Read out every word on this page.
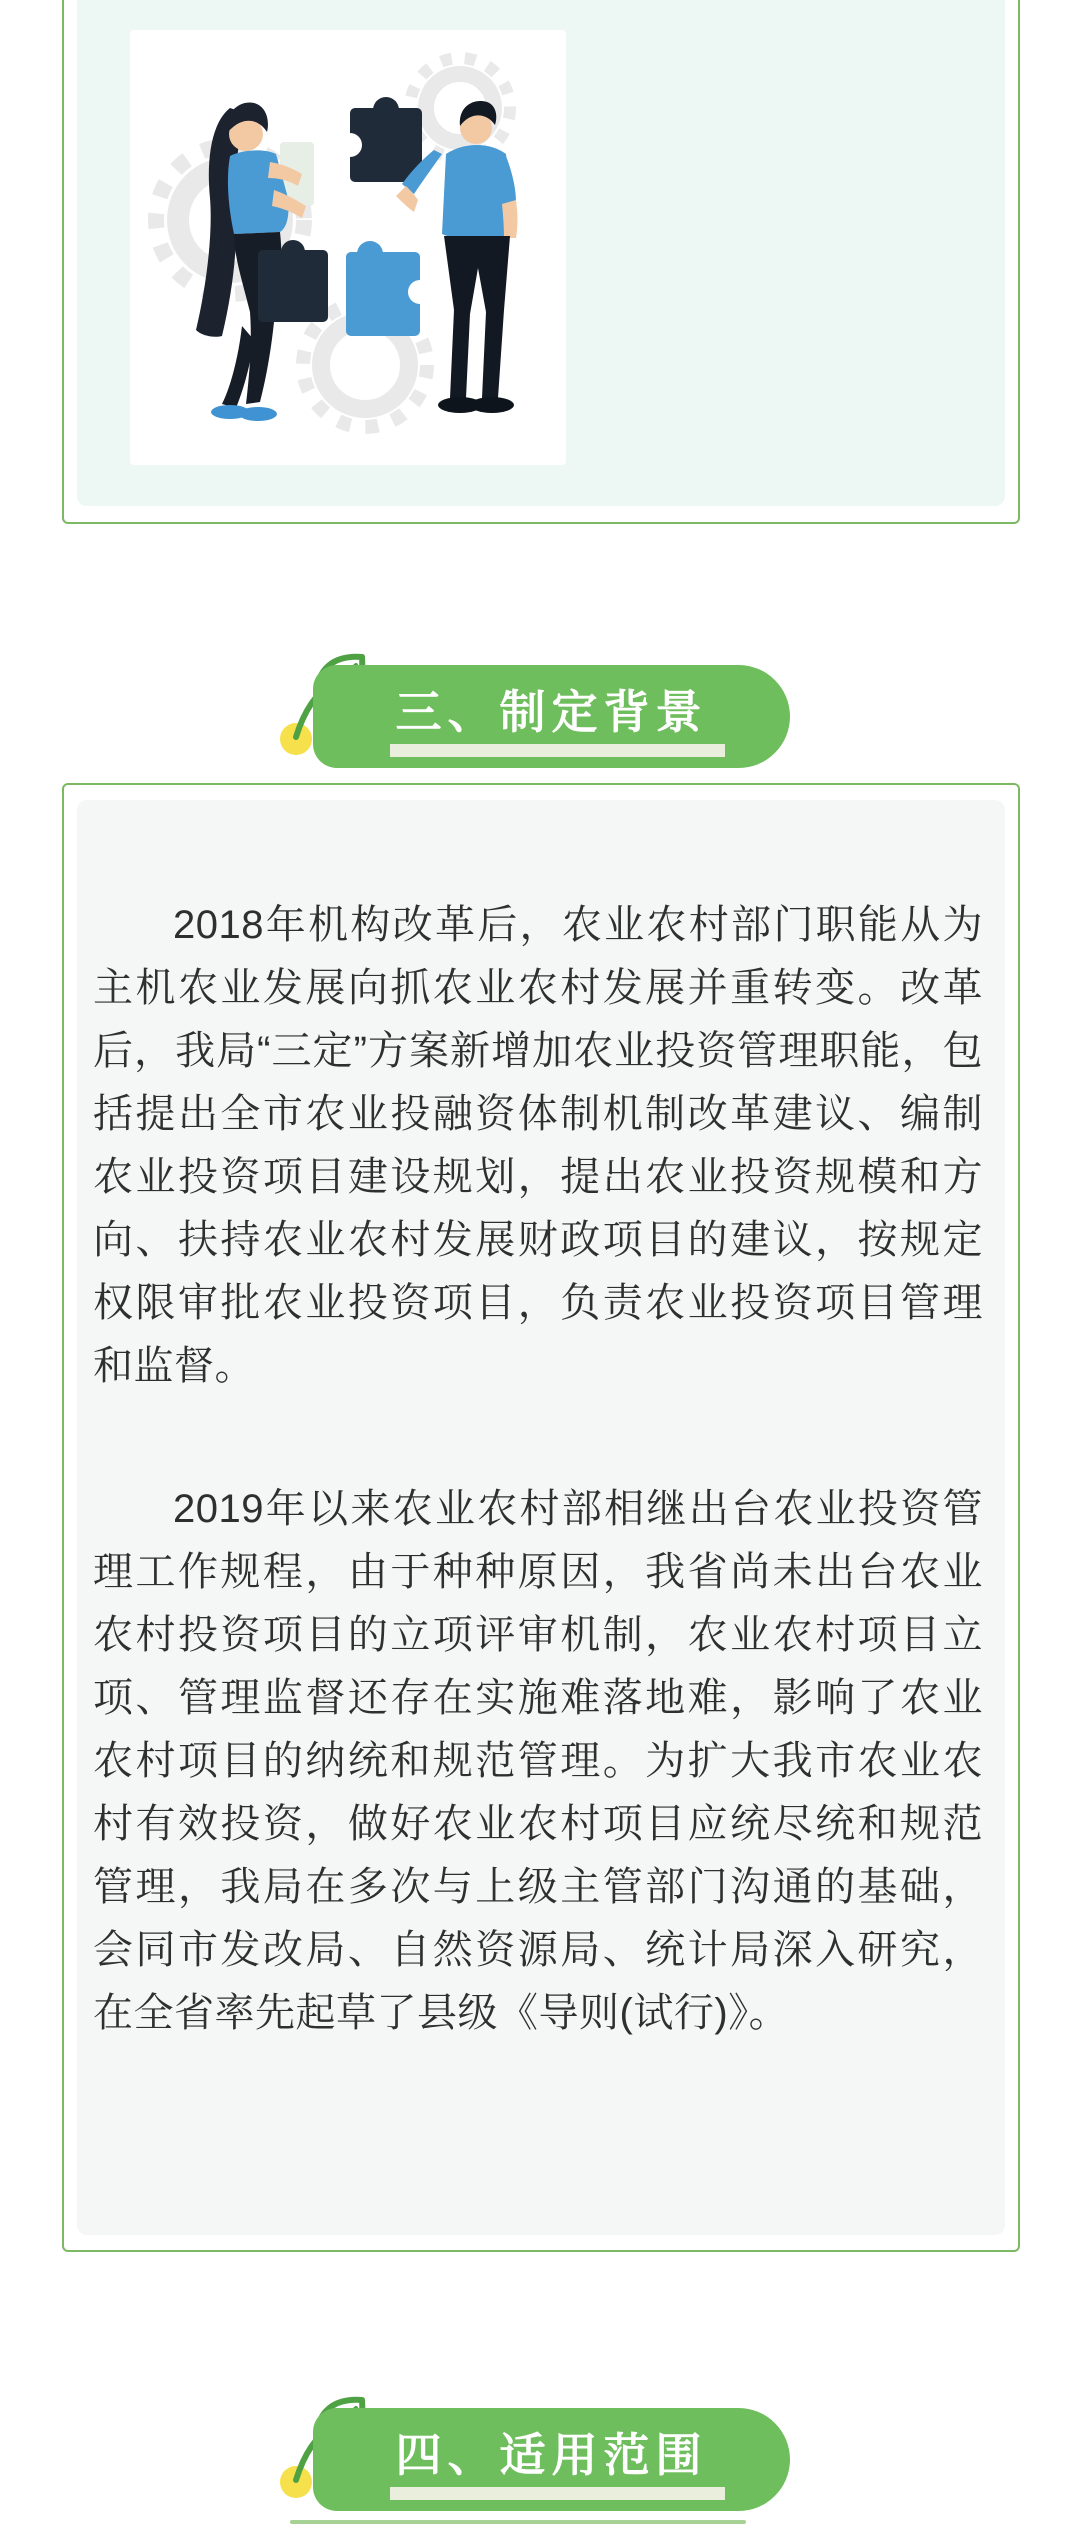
三、制定背景

2018年机构改革后，农业农村部门职能从为主机农业发展向抓农业农村发展并重转变。改革后，我局“三定”方案新增加农业投资管理职能，包括提出全市农业投融资体制机制改革建议、编制农业投资项目建设规划，提出农业投资规模和方向、扶持农业农村发展财政项目的建议，按规定权限审批农业投资项目，负责农业投资项目管理和监督。

2019年以来农业农村部相继出台农业投资管理工作规程，由于种种原因，我省尚未出台农业农村投资项目的立项评审机制，农业农村项目立项、管理监督还存在实施难落地难，影响了农业农村项目的纳统和规范管理。为扩大我市农业农村有效投资，做好农业农村项目应统尽统和规范管理，我局在多次与上级主管部门沟通的基础，会同市发改局、自然资源局、统计局深入研究，在全省率先起草了县级《导则(试行)》。

四、适用范围
